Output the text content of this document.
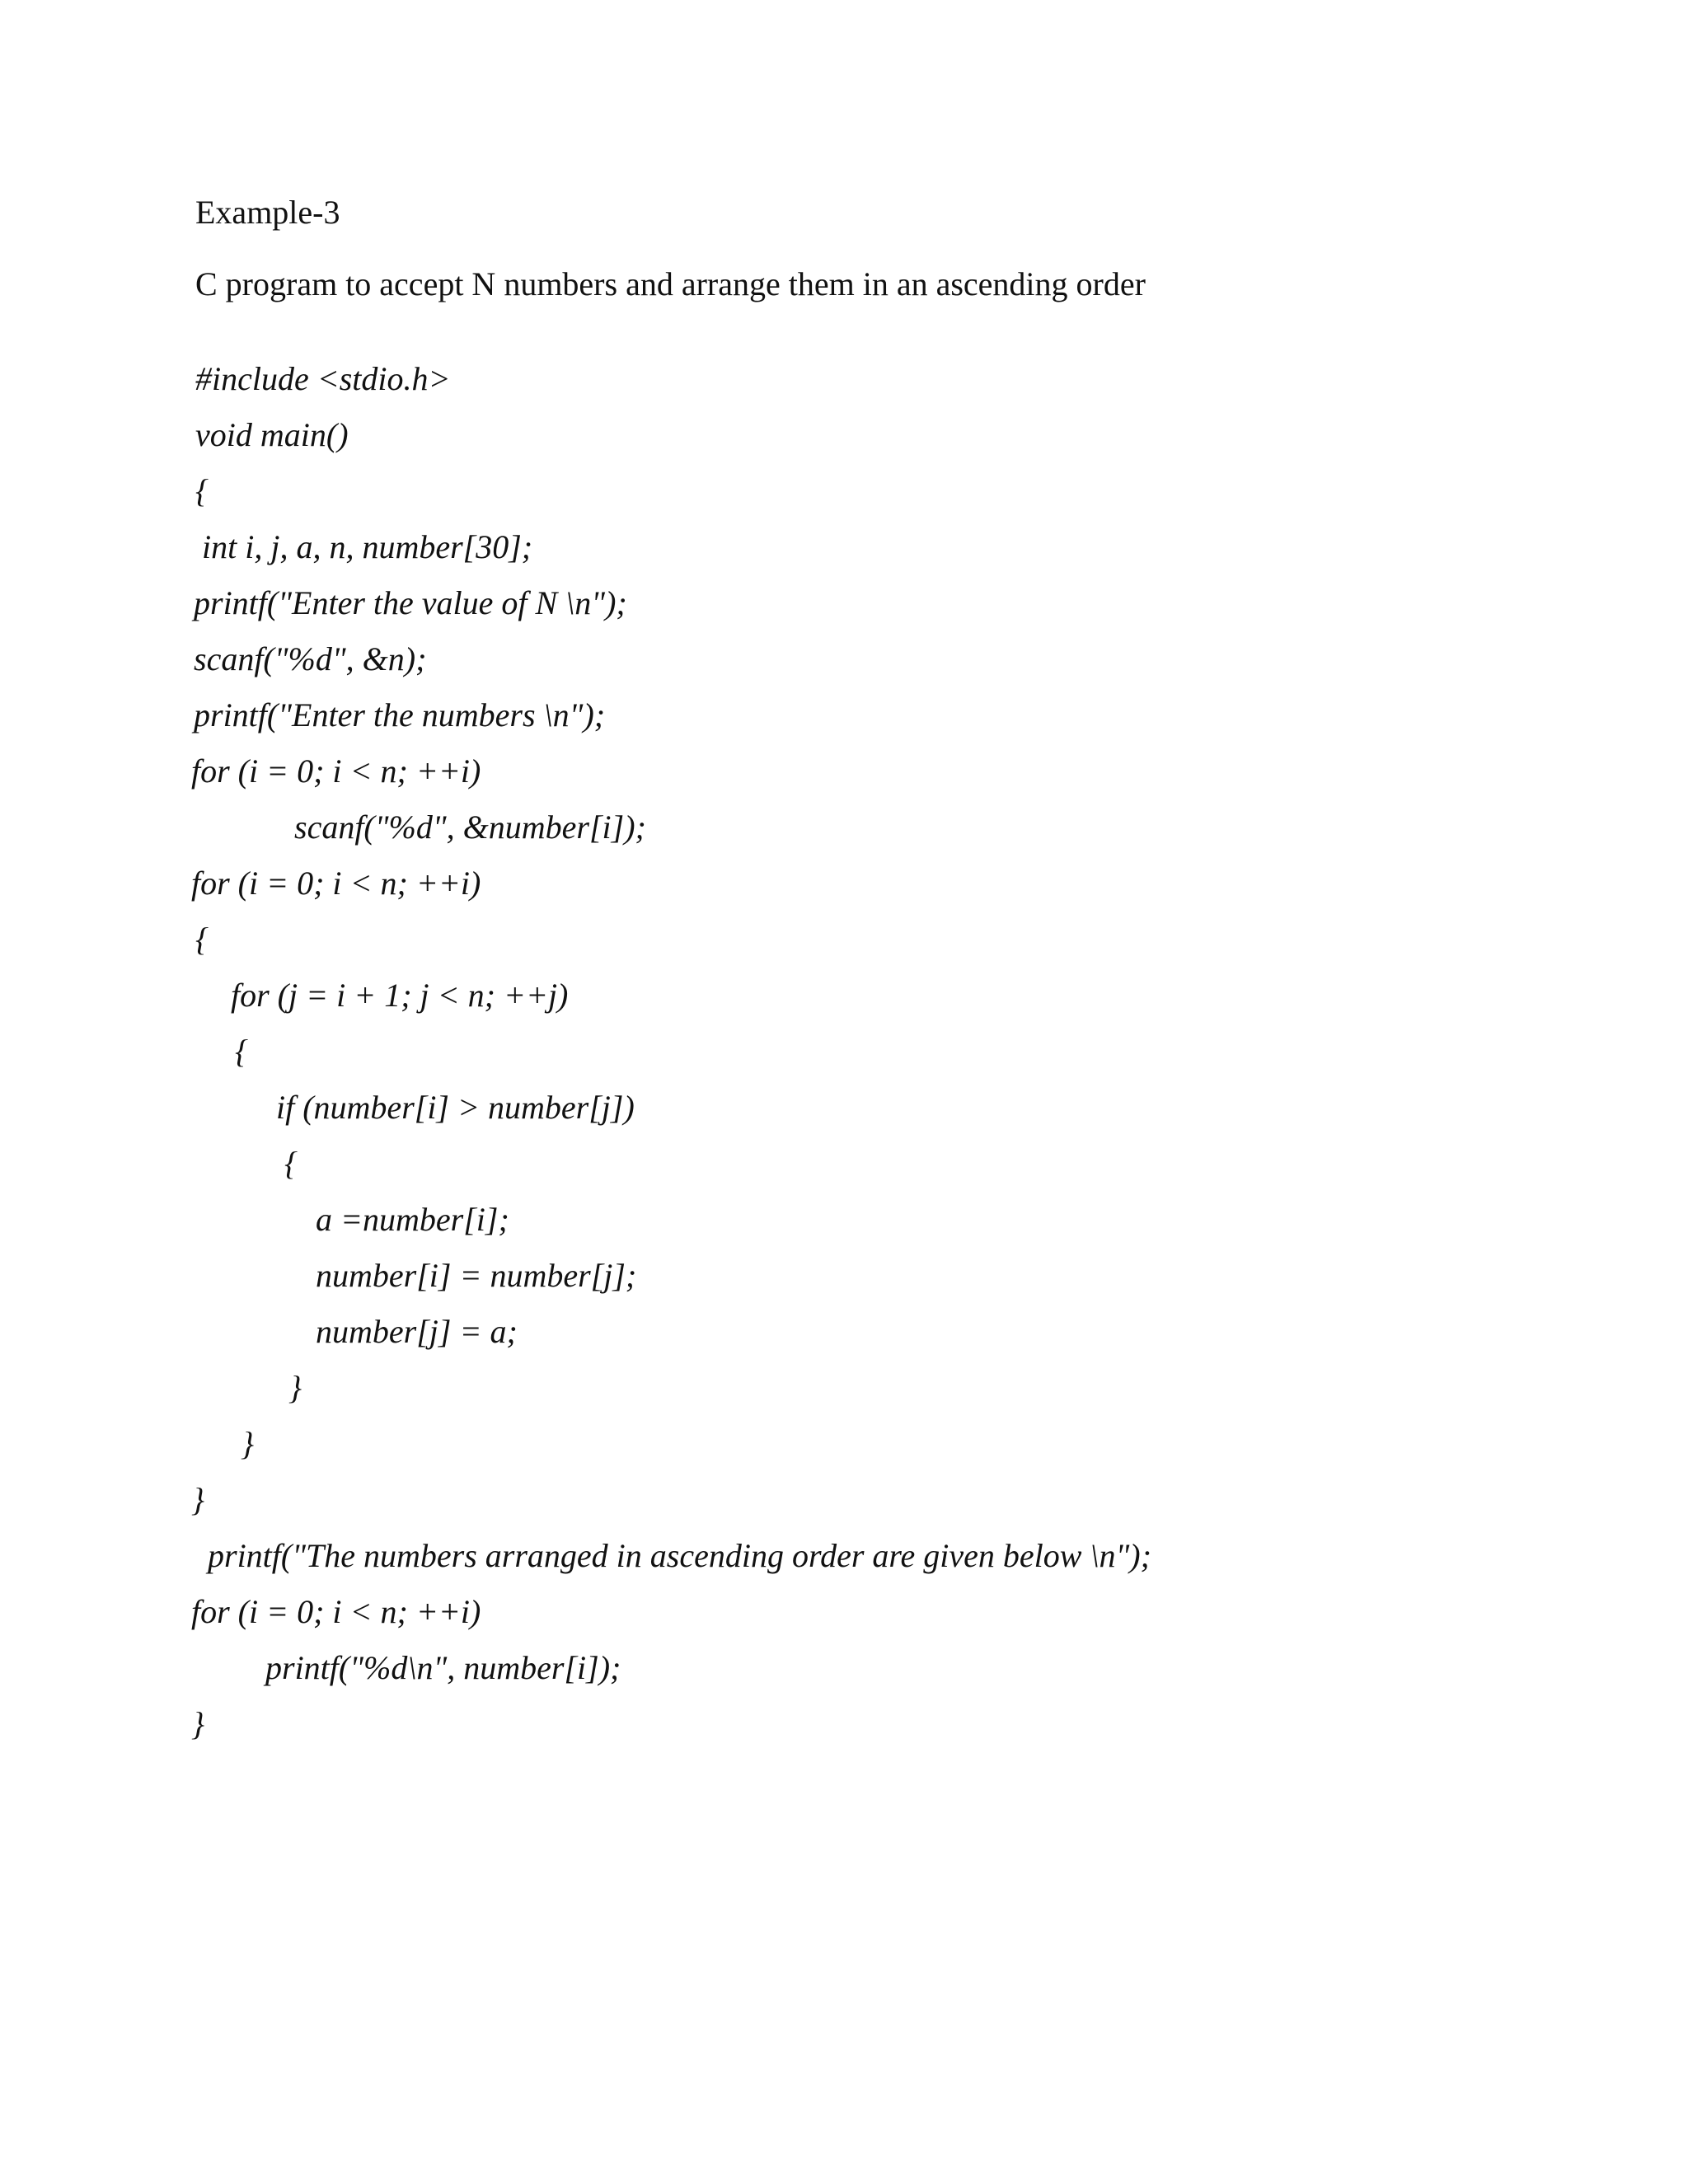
Example-3

C program to accept N numbers and arrange them in an ascending order

#include <stdio.h>
void main()
{
int i, j, a, n, number[30];
printf("Enter the value of N \n");
scanf("%d", &n);
printf("Enter the numbers \n");
for (i = 0; i < n; ++i)
scanf("%d", &number[i]);
for (i = 0; i < n; ++i)
{
for (j = i + 1; j < n; ++j)
{
if (number[i] > number[j])
{
a =number[i];
number[i] = number[j];
number[j] = a;
}
}
}
printf("The numbers arranged in ascending order are given below \n");
for (i = 0; i < n; ++i)
printf("%d\n", number[i]);
}
